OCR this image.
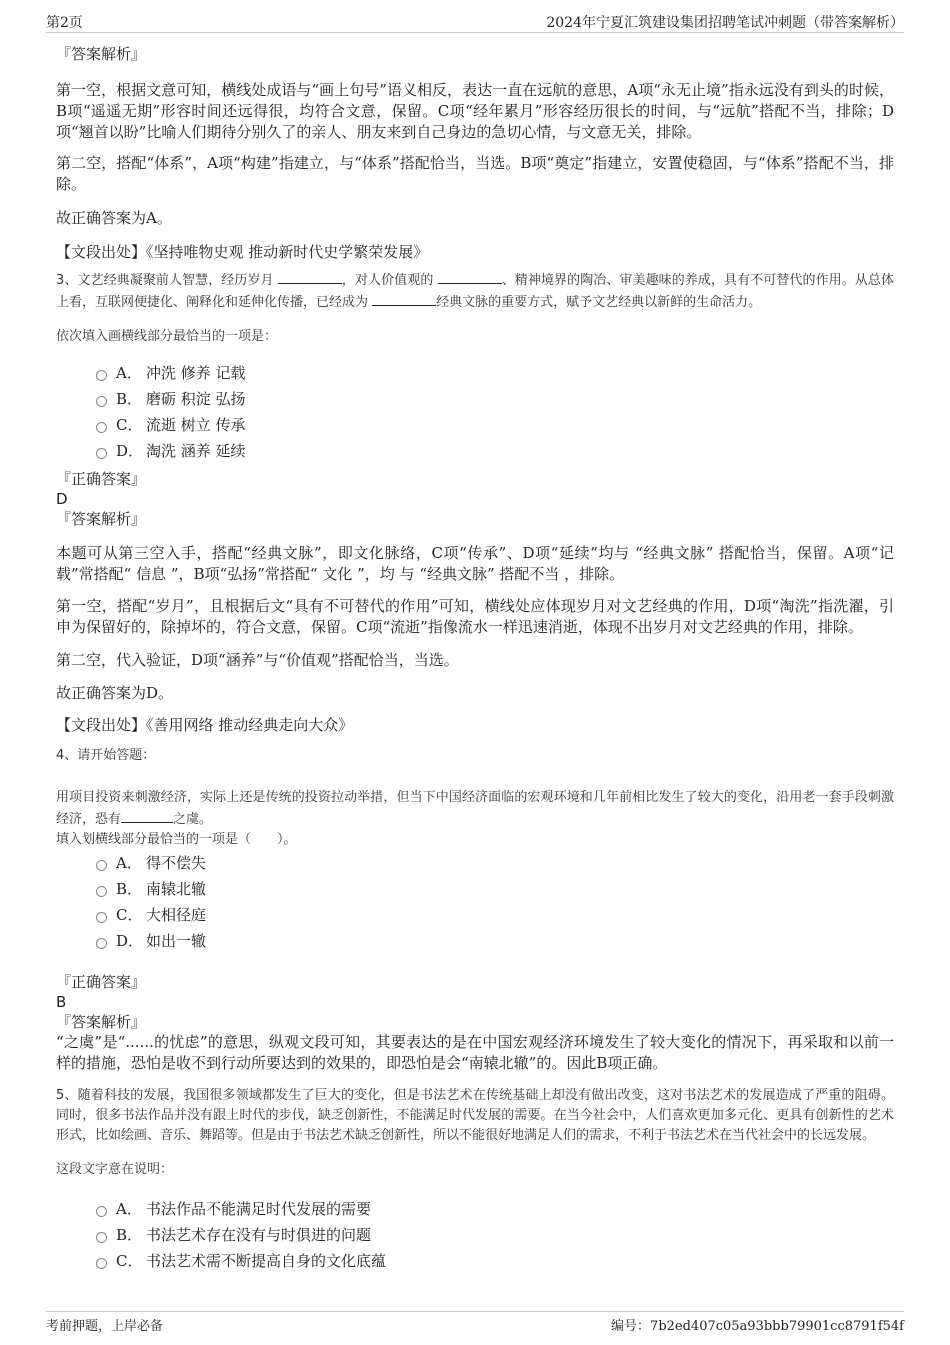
第2页	2024年宁夏汇筑建设集团招聘笔试冲刺题（带答案解析）
『答案解析』

第一空，根据文意可知，横线处成语与“画上句号”语义相反，表达一直在远航的意思，A项“永无止境”指永远没有到头的时候，B项“遥遥无期”形容时间还远得很，均符合文意，保留。C项“经年累月”形容经历很长的时间，与“远航”搭配不当，排除；D项“翘首以盼”比喻人们期待分别久了的亲人、朋友来到自己身边的急切心情，与文意无关，排除。

第二空，搭配“体系”，A项“构建”指建立，与“体系”搭配恰当，当选。B项“奠定”指建立，安置使稳固，与“体系”搭配不当，排除。

故正确答案为A。

【文段出处】《坚持唯物史观 推动新时代史学繁荣发展》

3、文艺经典凝聚前人智慧，经历岁月	，对人价值观的	、精神境界的陶冶、审美趣味的养成，具有不可替代的作用。从总体上看，互联网便捷化、阐释化和延伸化传播，已经成为	经典文脉的重要方式，赋予文艺经典以新鲜的生命活力。

依次填入画横线部分最恰当的一项是：

A． 冲洗 修养 记载
B． 磨砺 积淀 弘扬
C． 流逝 树立 传承
D． 淘洗 涵养 延续
『正确答案』
D
『答案解析』

本题可从第三空入手，搭配“经典文脉”，即文化脉络，C项“传承”、D项“延续”均与 “经典文脉” 搭配恰当，保留。A项“记载”常搭配“ 信息 ”，B项“弘扬”常搭配“ 文化 ”，均 与 “经典文脉” 搭配不当 ，排除。

第一空，搭配“岁月”，且根据后文“具有不可替代的作用”可知，横线处应体现岁月对文艺经典的作用，D项“淘洗”指洗濯，引申为保留好的，除掉坏的，符合文意，保留。C项“流逝”指像流水一样迅速消逝，体现不出岁月对文艺经典的作用，排除。

第二空，代入验证，D项“涵养”与“价值观”搭配恰当，当选。

故正确答案为D。

【文段出处】《善用网络 推动经典走向大众》

4、请开始答题：

用项目投资来刺激经济，实际上还是传统的投资拉动举措，但当下中国经济面临的宏观环境和几年前相比发生了较大的变化，沿用老一套手段刺激经济，恐有	之虞。

填入划横线部分最恰当的一项是（　　）。

A． 得不偿失
B． 南辕北辙
C． 大相径庭
D． 如出一辙
『正确答案』
B
『答案解析』

“之虞”是“......的忧虑”的意思，纵观文段可知，其要表达的是在中国宏观经济环境发生了较大变化的情况下，再采取和以前一样的措施，恐怕是收不到行动所要达到的效果的，即恐怕是会“南辕北辙”的。因此B项正确。

5、随着科技的发展，我国很多领域都发生了巨大的变化，但是书法艺术在传统基础上却没有做出改变，这对书法艺术的发展造成了严重的阻碍。同时，很多书法作品并没有跟上时代的步伐，缺乏创新性，不能满足时代发展的需要。在当今社会中，人们喜欢更加多元化、更具有创新性的艺术形式，比如绘画、音乐、舞蹈等。但是由于书法艺术缺乏创新性，所以不能很好地满足人们的需求，不利于书法艺术在当代社会中的长远发展。

这段文字意在说明：

A． 书法作品不能满足时代发展的需要
B． 书法艺术存在没有与时俱进的问题
C． 书法艺术需不断提高自身的文化底蕴
考前押题，上岸必备	编号：7b2ed407c05a93bbb79901cc8791f54f
